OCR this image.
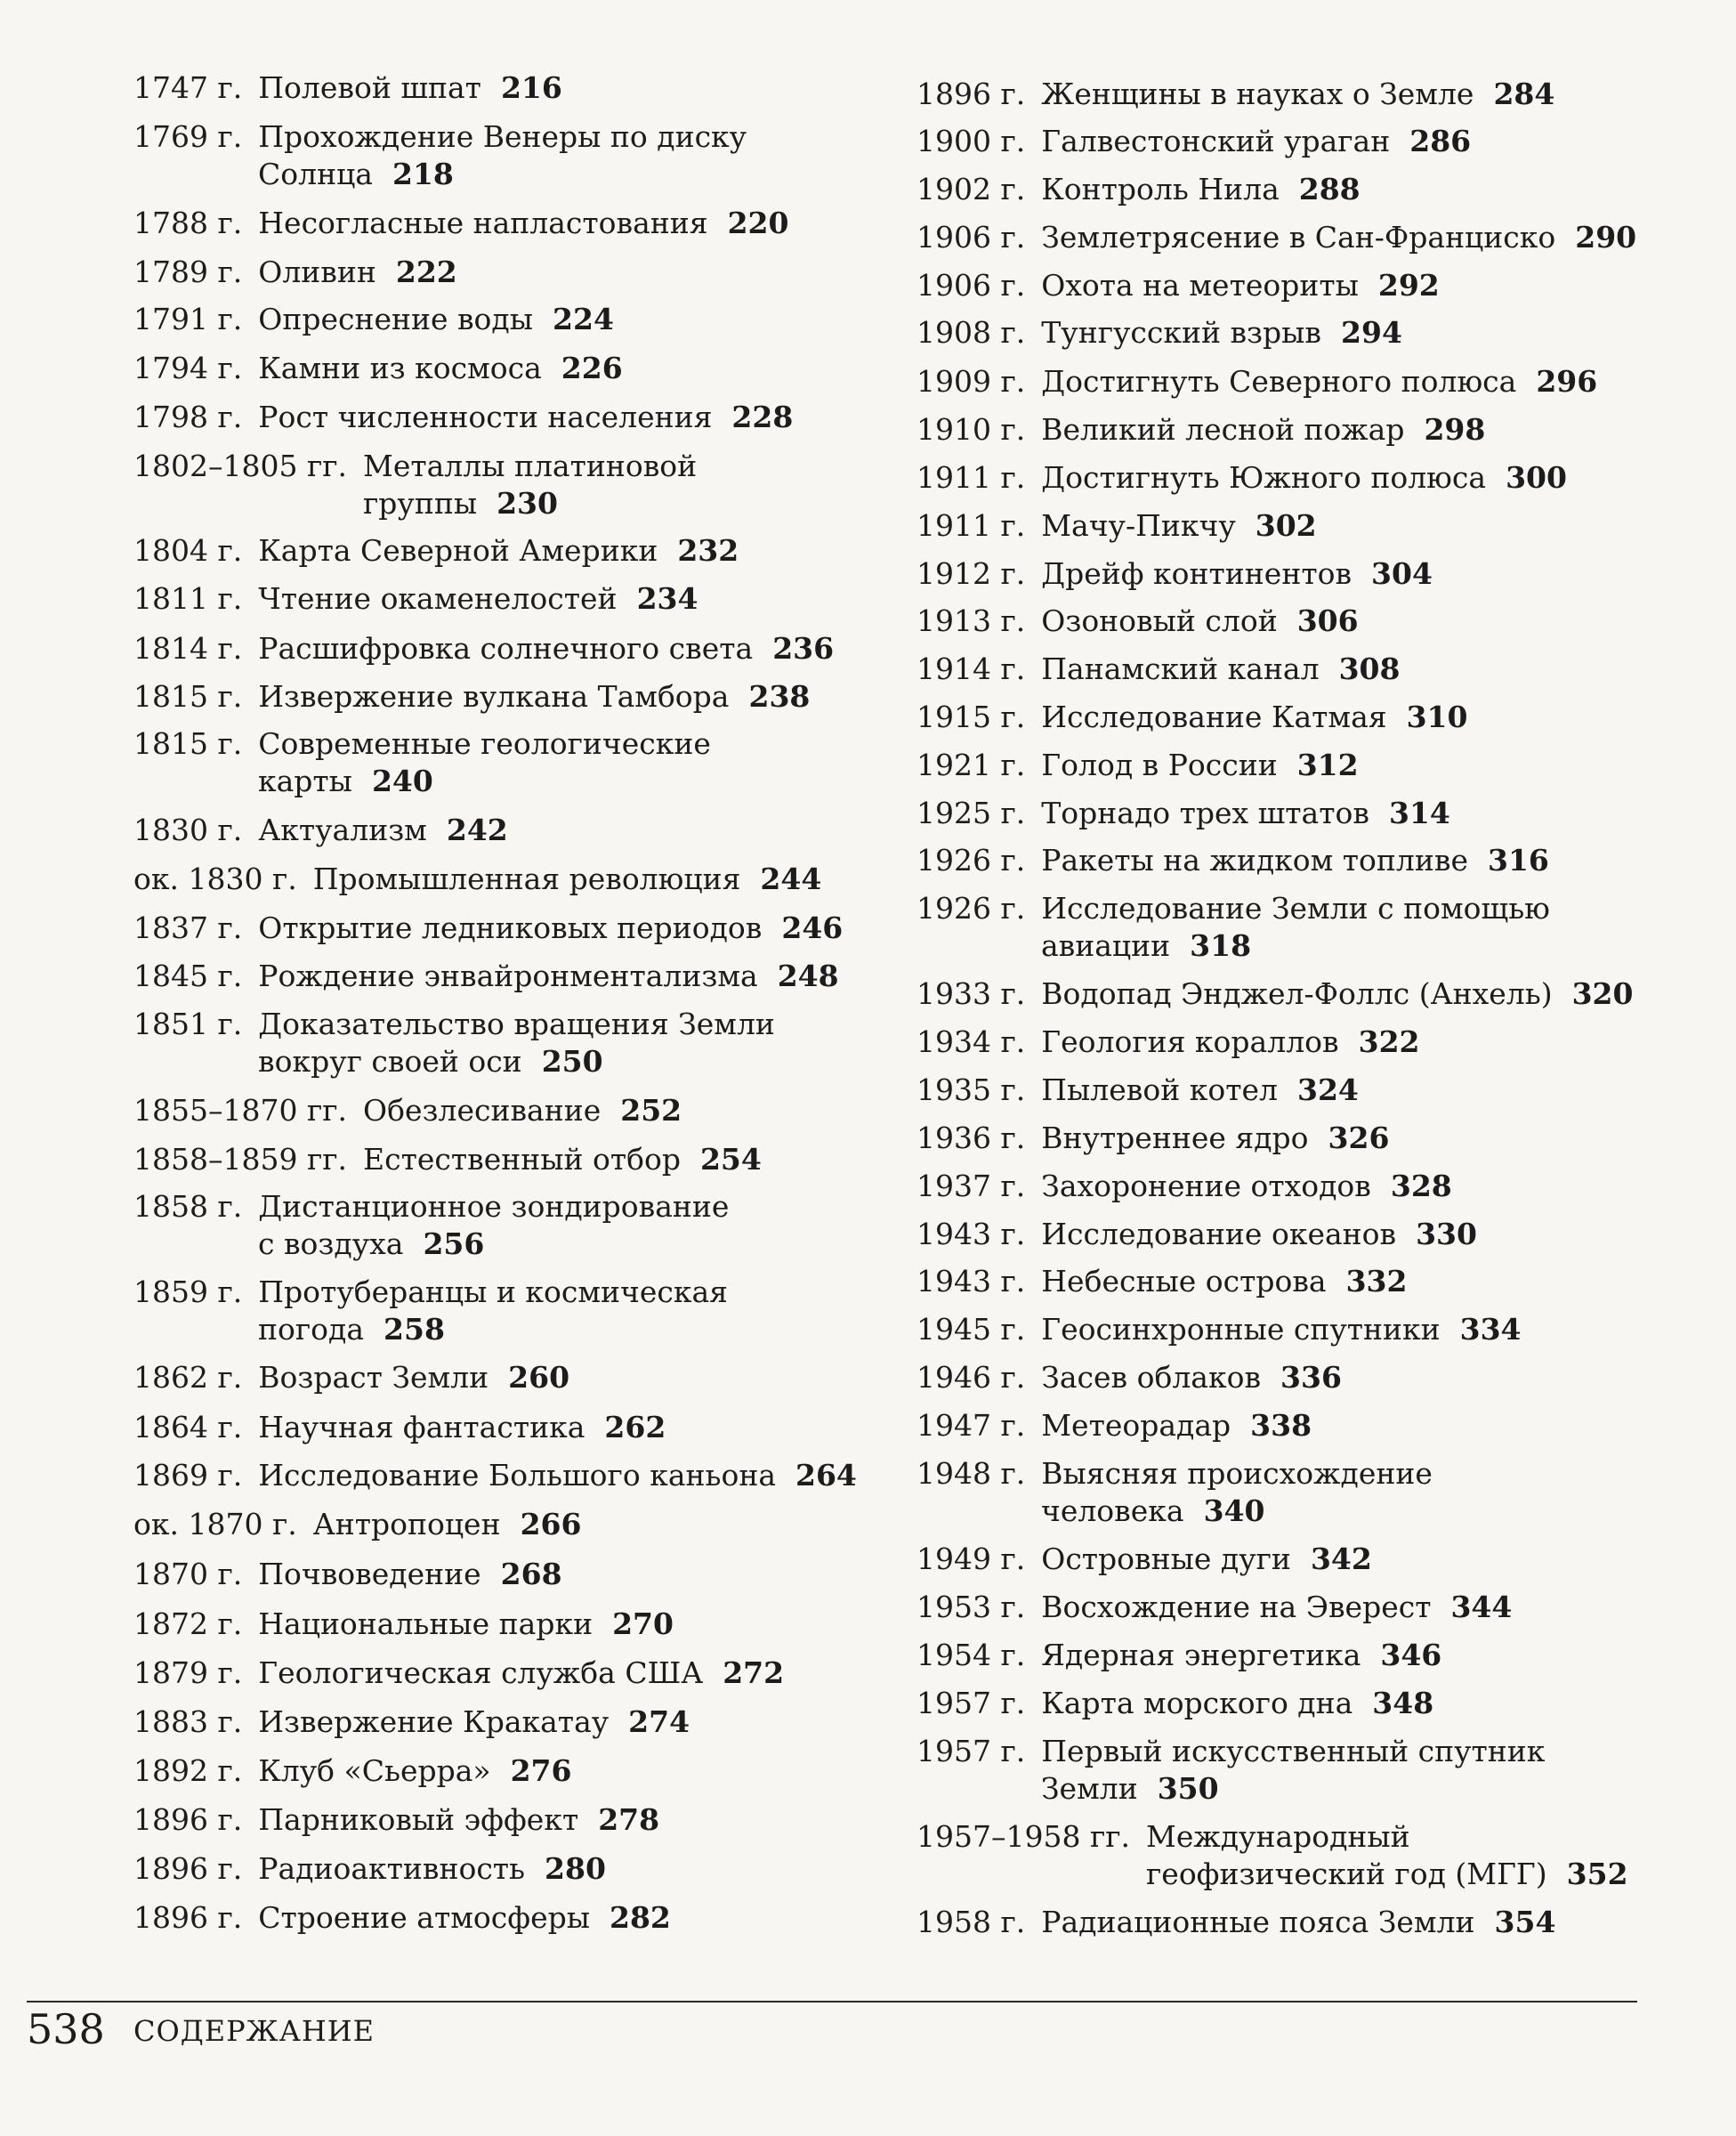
1747 г. Полевой шпат 216
1769 г. Прохождение Венеры по диску
Солнца 218
1788 г. Несогласные напластования 220
1789 г. Оливин 222
1791 г. Опреснение воды 224
1794 г. Камни из космоса 226
1798 г. Рост численности населения 228
1802–1805 гг. Металлы платиновой
группы 230
1804 г. Карта Северной Америки 232
1811 г. Чтение окаменелостей 234
1814 г. Расшифровка солнечного света 236
1815 г. Извержение вулкана Тамбора 238
1815 г. Современные геологические
карты 240
1830 г. Актуализм 242
ок. 1830 г. Промышленная революция 244
1837 г. Открытие ледниковых периодов 246
1845 г. Рождение энвайронментализма 248
1851 г. Доказательство вращения Земли
вокруг своей оси 250
1855–1870 гг. Обезлесивание 252
1858–1859 гг. Естественный отбор 254
1858 г. Дистанционное зондирование
с воздуха 256
1859 г. Протуберанцы и космическая
погода 258
1862 г. Возраст Земли 260
1864 г. Научная фантастика 262
1869 г. Исследование Большого каньона 264
ок. 1870 г. Антропоцен 266
1870 г. Почвоведение 268
1872 г. Национальные парки 270
1879 г. Геологическая служба США 272
1883 г. Извержение Кракатау 274
1892 г. Клуб «Сьерра» 276
1896 г. Парниковый эффект 278
1896 г. Радиоактивность 280
1896 г. Строение атмосферы 282
1896 г. Женщины в науках о Земле 284
1900 г. Галвестонский ураган 286
1902 г. Контроль Нила 288
1906 г. Землетрясение в Сан-Франциско 290
1906 г. Охота на метеориты 292
1908 г. Тунгусский взрыв 294
1909 г. Достигнуть Северного полюса 296
1910 г. Великий лесной пожар 298
1911 г. Достигнуть Южного полюса 300
1911 г. Мачу-Пикчу 302
1912 г. Дрейф континентов 304
1913 г. Озоновый слой 306
1914 г. Панамский канал 308
1915 г. Исследование Катмая 310
1921 г. Голод в России 312
1925 г. Торнадо трех штатов 314
1926 г. Ракеты на жидком топливе 316
1926 г. Исследование Земли с помощью
авиации 318
1933 г. Водопад Энджел-Фоллс (Анхель) 320
1934 г. Геология кораллов 322
1935 г. Пылевой котел 324
1936 г. Внутреннее ядро 326
1937 г. Захоронение отходов 328
1943 г. Исследование океанов 330
1943 г. Небесные острова 332
1945 г. Геосинхронные спутники 334
1946 г. Засев облаков 336
1947 г. Метеорадар 338
1948 г. Выясняя происхождение
человека 340
1949 г. Островные дуги 342
1953 г. Восхождение на Эверест 344
1954 г. Ядерная энергетика 346
1957 г. Карта морского дна 348
1957 г. Первый искусственный спутник
Земли 350
1957–1958 гг. Международный
геофизический год (МГГ) 352
1958 г. Радиационные пояса Земли 354
538 СОДЕРЖАНИЕ
